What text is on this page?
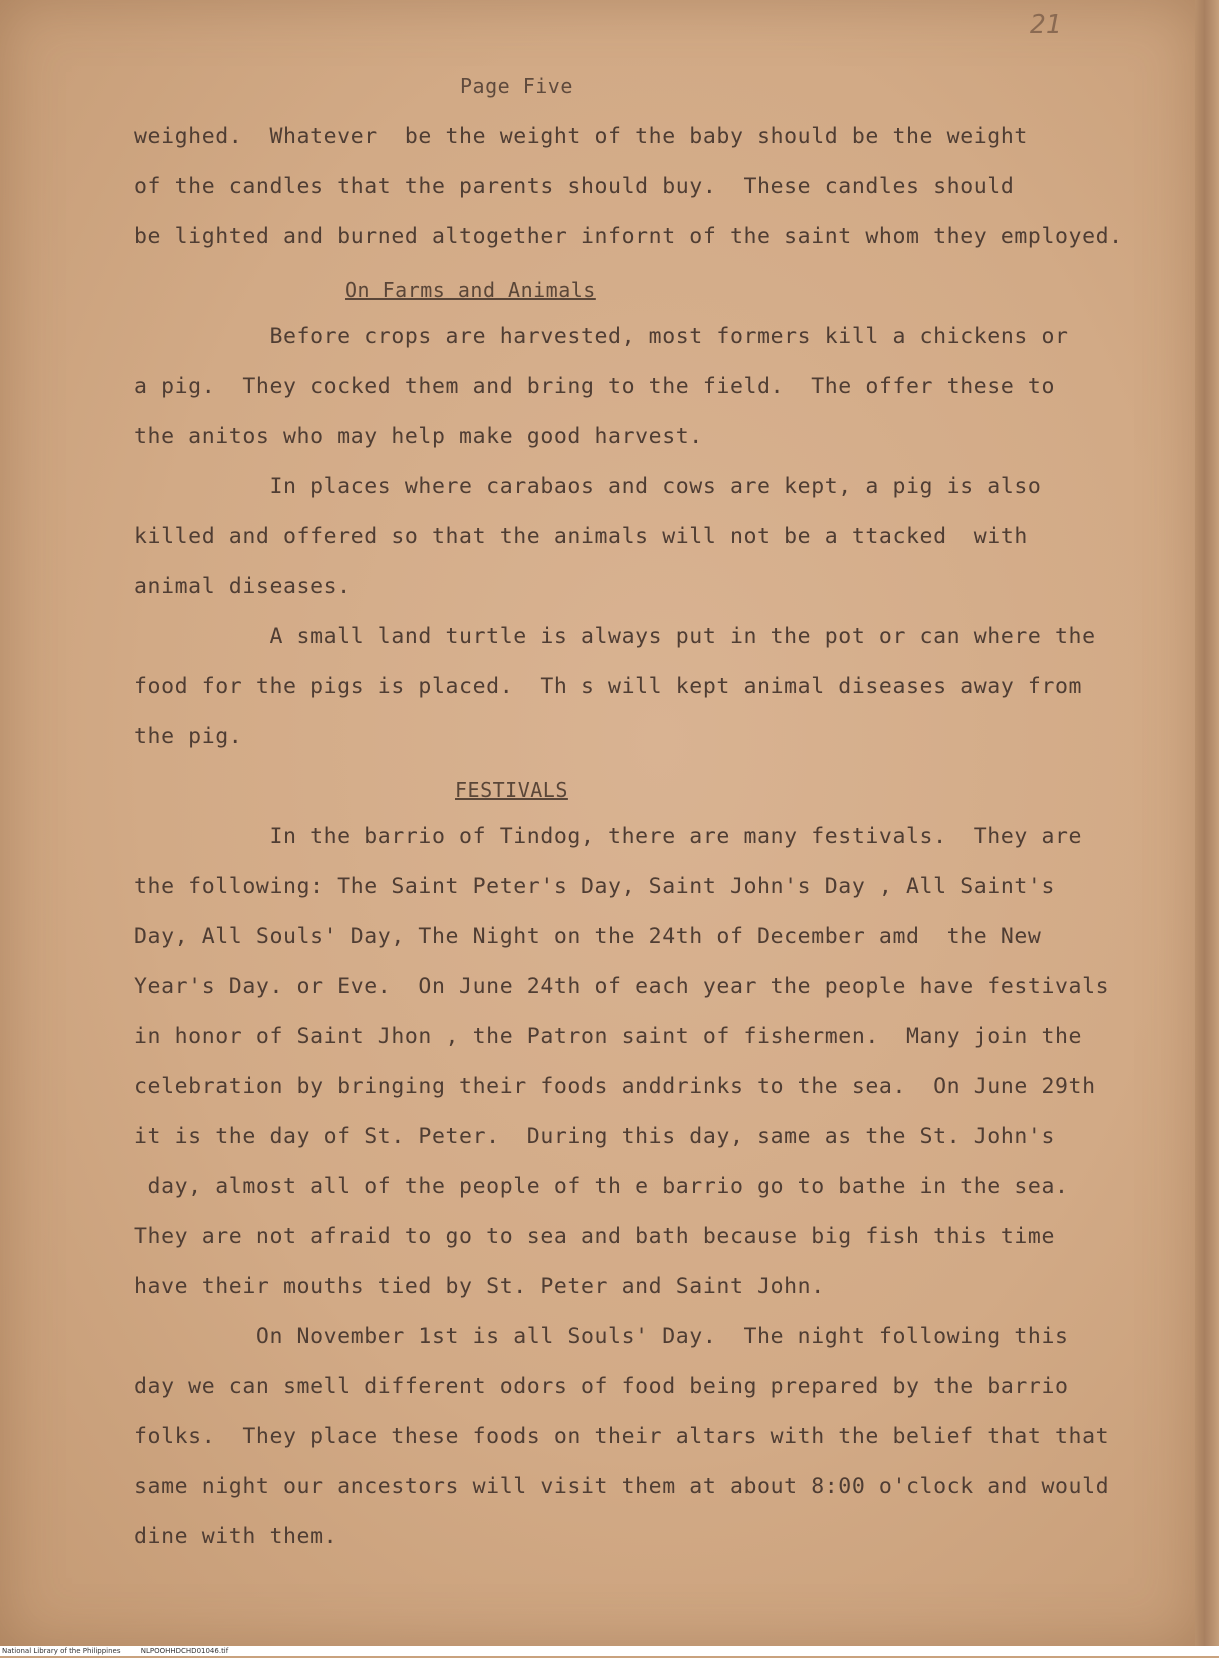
21
Page Five
weighed.  Whatever  be the weight of the baby should be the weight
of the candles that the parents should buy.  These candles should
be lighted and burned altogether infornt of the saint whom they employed.
On Farms and Animals
Before crops are harvested, most formers kill a chickens or
a pig.  They cocked them and bring to the field.  The offer these to
the anitos who may help make good harvest.
In places where carabaos and cows are kept, a pig is also
killed and offered so that the animals will not be a ttacked  with
animal diseases.
A small land turtle is always put in the pot or can where the
food for the pigs is placed.  Th s will kept animal diseases away from
the pig.
FESTIVALS
In the barrio of Tindog, there are many festivals.  They are
the following: The Saint Peter's Day, Saint John's Day , All Saint's
Day, All Souls' Day, The Night on the 24th of December amd  the New
Year's Day. or Eve.  On June 24th of each year the people have festivals
in honor of Saint Jhon , the Patron saint of fishermen.  Many join the
celebration by bringing their foods anddrinks to the sea.  On June 29th
it is the day of St. Peter.  During this day, same as the St. John's
day, almost all of the people of th e barrio go to bathe in the sea.
They are not afraid to go to sea and bath because big fish this time
have their mouths tied by St. Peter and Saint John.
On November 1st is all Souls' Day.  The night following this
day we can smell different odors of food being prepared by the barrio
folks.  They place these foods on their altars with the belief that that
same night our ancestors will visit them at about 8:00 o'clock and would
dine with them.
National Library of the Philippines	NLPOOHHDCHD01046.tif
